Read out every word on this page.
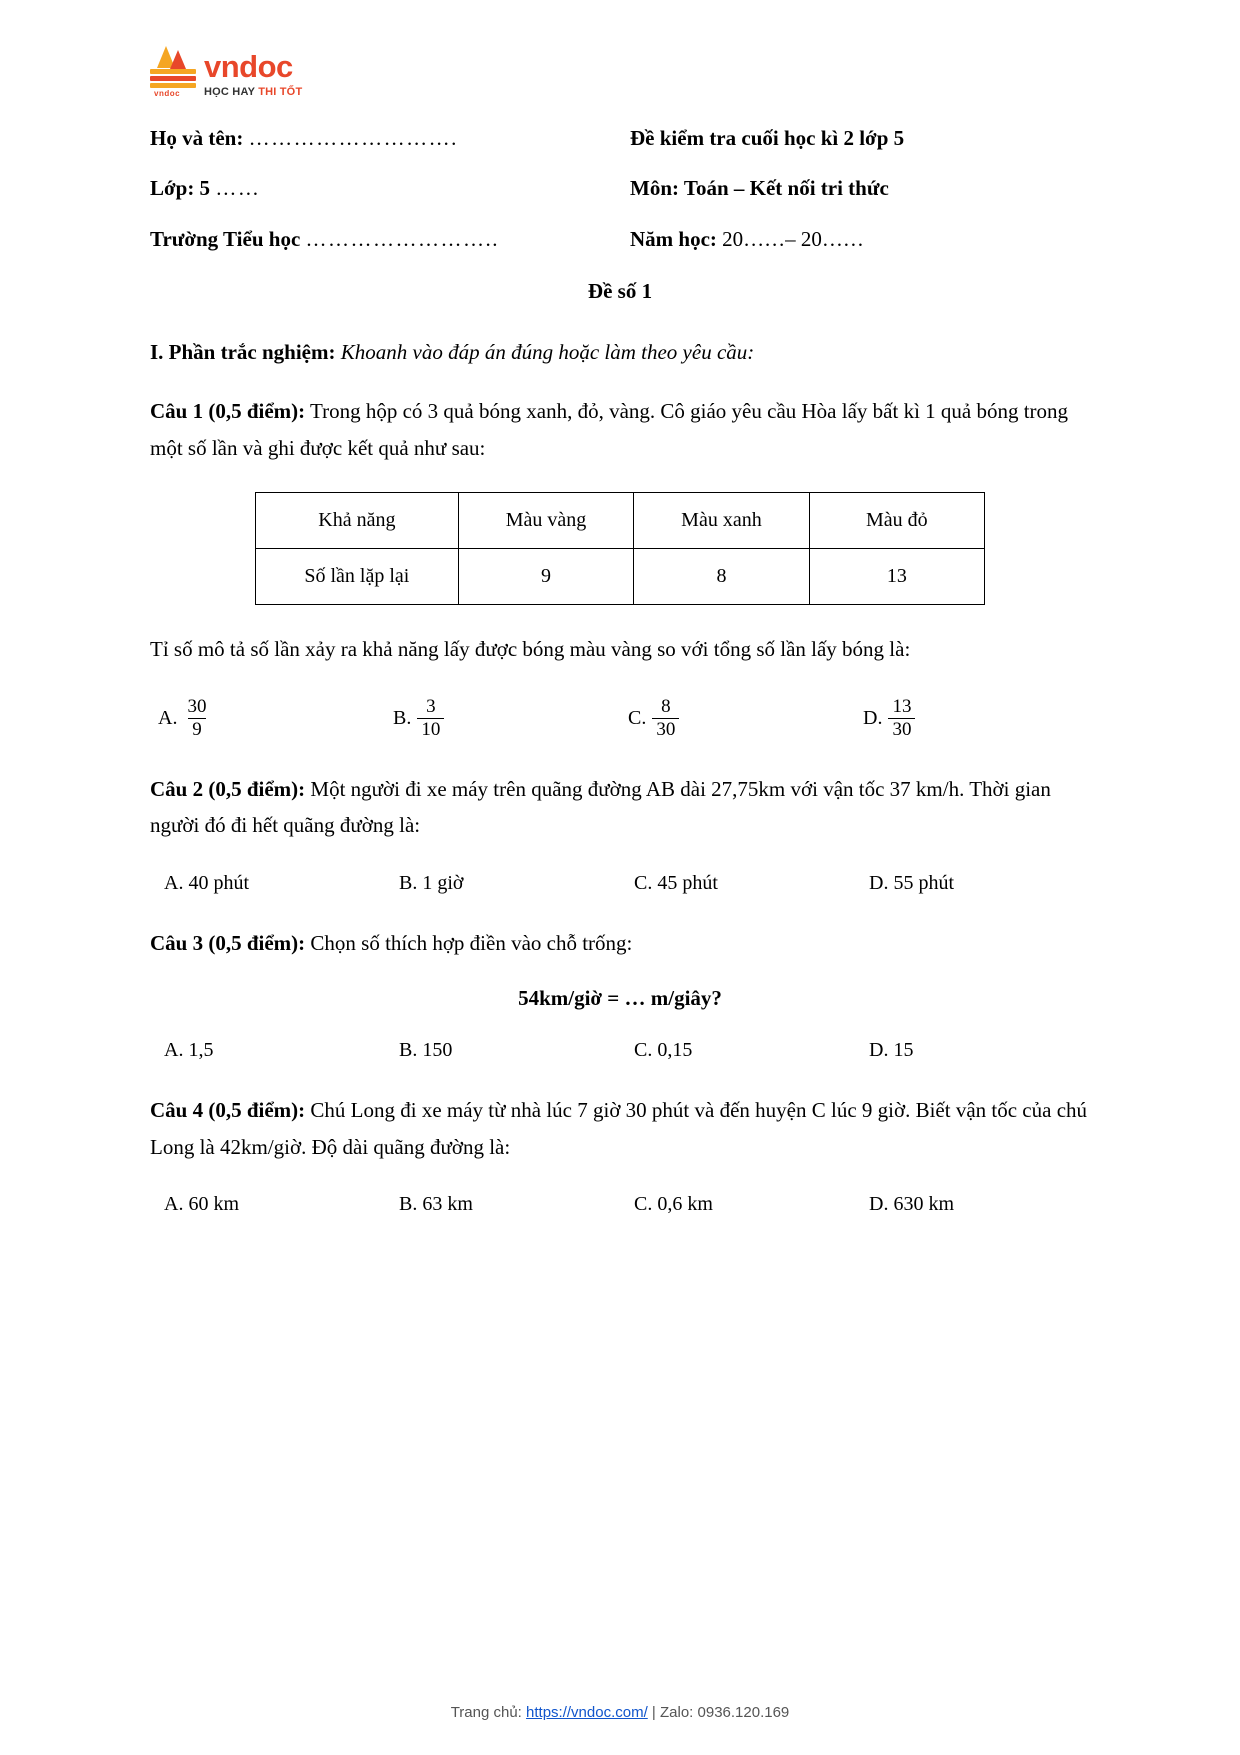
vndoc
vndoc
HỌC HAY THI TỐT
Họ và tên: ……………………….	Đề kiểm tra cuối học kì 2 lớp 5
Lớp: 5 ……	Môn: Toán – Kết nối tri thức
Trường Tiểu học ……………………..	Năm học: 20……– 20……
Đề số 1

I. Phần trắc nghiệm: Khoanh vào đáp án đúng hoặc làm theo yêu cầu:

Câu 1 (0,5 điểm): Trong hộp có 3 quả bóng xanh, đỏ, vàng. Cô giáo yêu cầu Hòa lấy bất kì 1 quả bóng trong một số lần và ghi được kết quả như sau:

Khả năng	Màu vàng	Màu xanh	Màu đỏ
Số lần lặp lại	9	8	13

Tỉ số mô tả số lần xảy ra khả năng lấy được bóng màu vàng so với tổng số lần lấy bóng là:

A. $\frac{30}{9}$	B. $\frac{3}{10}$	C. $\frac{8}{30}$	D. $\frac{13}{30}$

Câu 2 (0,5 điểm): Một người đi xe máy trên quãng đường AB dài 27,75km với vận tốc 37 km/h. Thời gian người đó đi hết quãng đường là:

A. 40 phút	B. 1 giờ	C. 45 phút	D. 55 phút

Câu 3 (0,5 điểm): Chọn số thích hợp điền vào chỗ trống:

54km/giờ = … m/giây?
A. 1,5	B. 150	C. 0,15	D. 15

Câu 4 (0,5 điểm): Chú Long đi xe máy từ nhà lúc 7 giờ 30 phút và đến huyện C lúc 9 giờ. Biết vận tốc của chú Long là 42km/giờ. Độ dài quãng đường là:

A. 60 km	B. 63 km	C. 0,6 km	D. 630 km
Trang chủ: https://vndoc.com/ | Zalo: 0936.120.169
